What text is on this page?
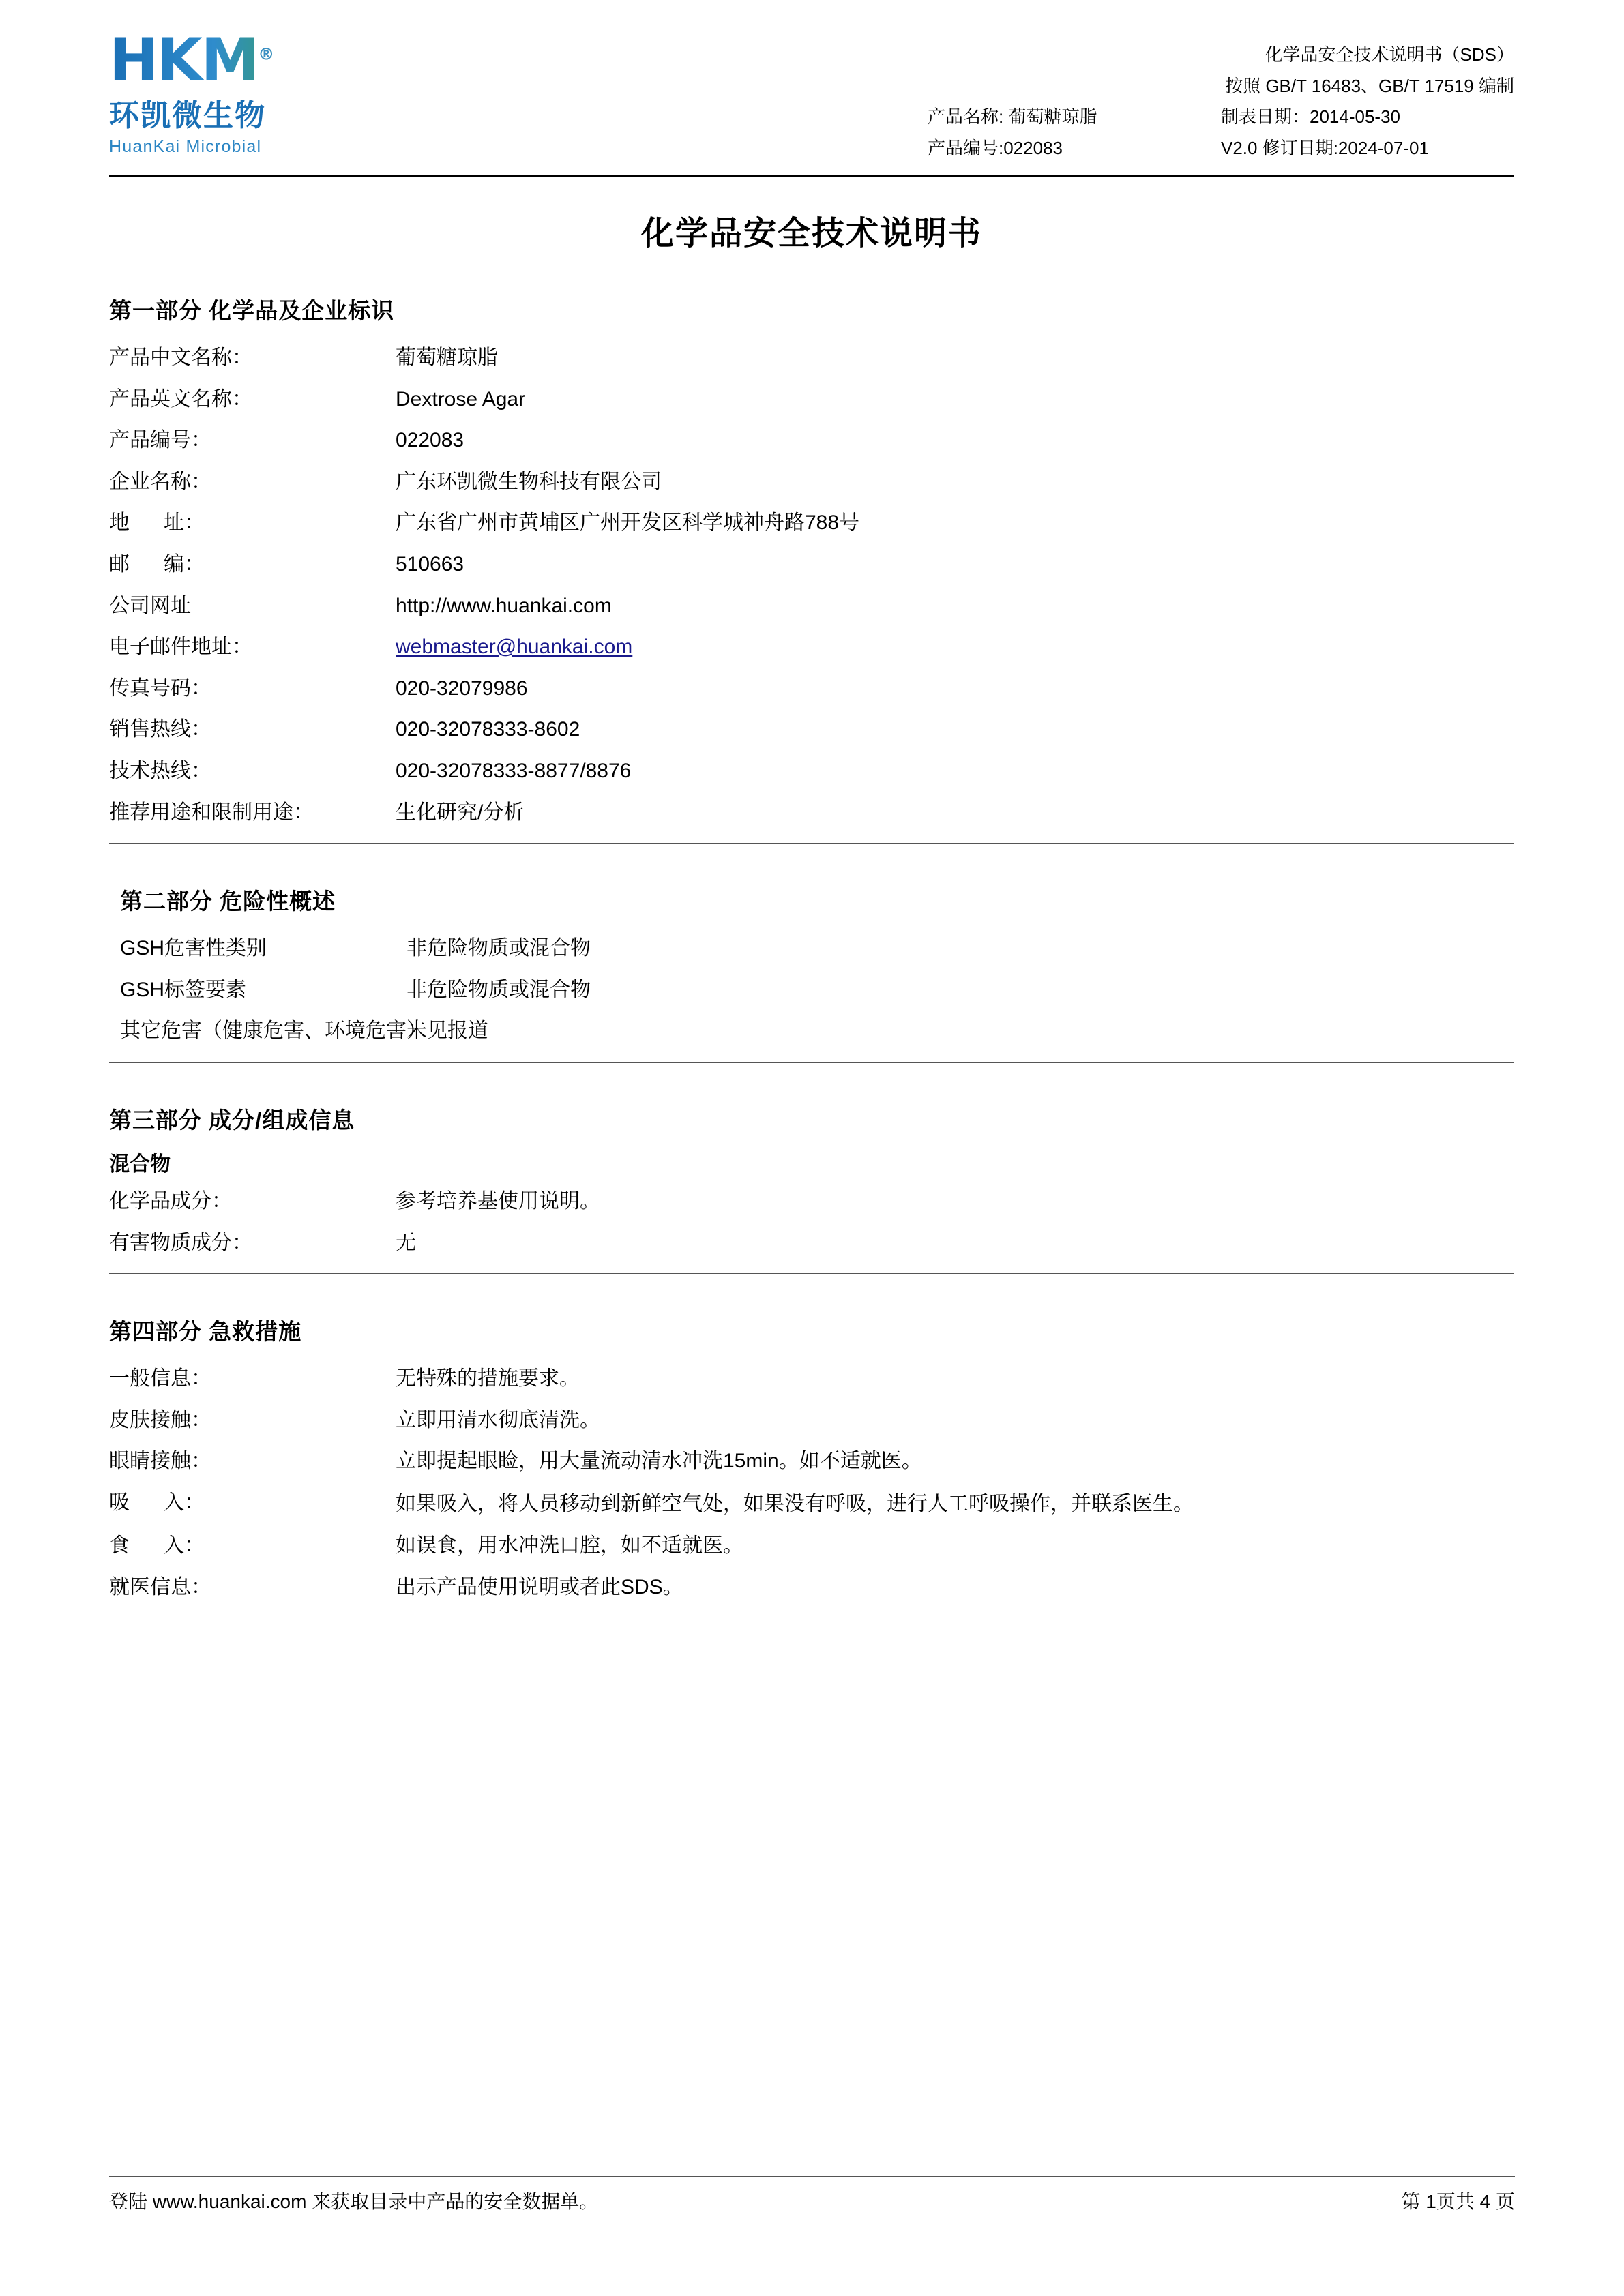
HKM®
环凯微生物
HuanKai Microbial
化学品安全技术说明书（SDS）
按照 GB/T 16483、GB/T 17519 编制
产品名称: 葡萄糖琼脂	制表日期：2014-05-30
产品编号:022083	V2.0 修订日期:2024-07-01
化学品安全技术说明书
第一部分 化学品及企业标识
产品中文名称：	葡萄糖琼脂
产品英文名称：	Dextrose Agar
产品编号：	022083
企业名称：	广东环凯微生物科技有限公司
地      址：	广东省广州市黄埔区广州开发区科学城神舟路788号
邮      编：	510663
公司网址	http://www.huankai.com
电子邮件地址：	webmaster@huankai.com
传真号码：	020-32079986
销售热线：	020-32078333-8602
技术热线：	020-32078333-8877/8876
推荐用途和限制用途：	生化研究/分析
第二部分 危险性概述
GSH危害性类别	非危险物质或混合物
GSH标签要素	非危险物质或混合物
其它危害（健康危害、环境危害）
未见报道
第三部分 成分/组成信息
混合物
化学品成分：	参考培养基使用说明。
有害物质成分：	无
第四部分 急救措施
一般信息：	无特殊的措施要求。
皮肤接触：	立即用清水彻底清洗。
眼睛接触：	立即提起眼睑，用大量流动清水冲洗15min。如不适就医。
吸      入：	如果吸入，将人员移动到新鲜空气处，如果没有呼吸，进行人工呼吸操作，并联系医生。
食      入：	如误食，用水冲洗口腔，如不适就医。
就医信息：	出示产品使用说明或者此SDS。
登陆 www.huankai.com 来获取目录中产品的安全数据单。	第 1页共 4 页
